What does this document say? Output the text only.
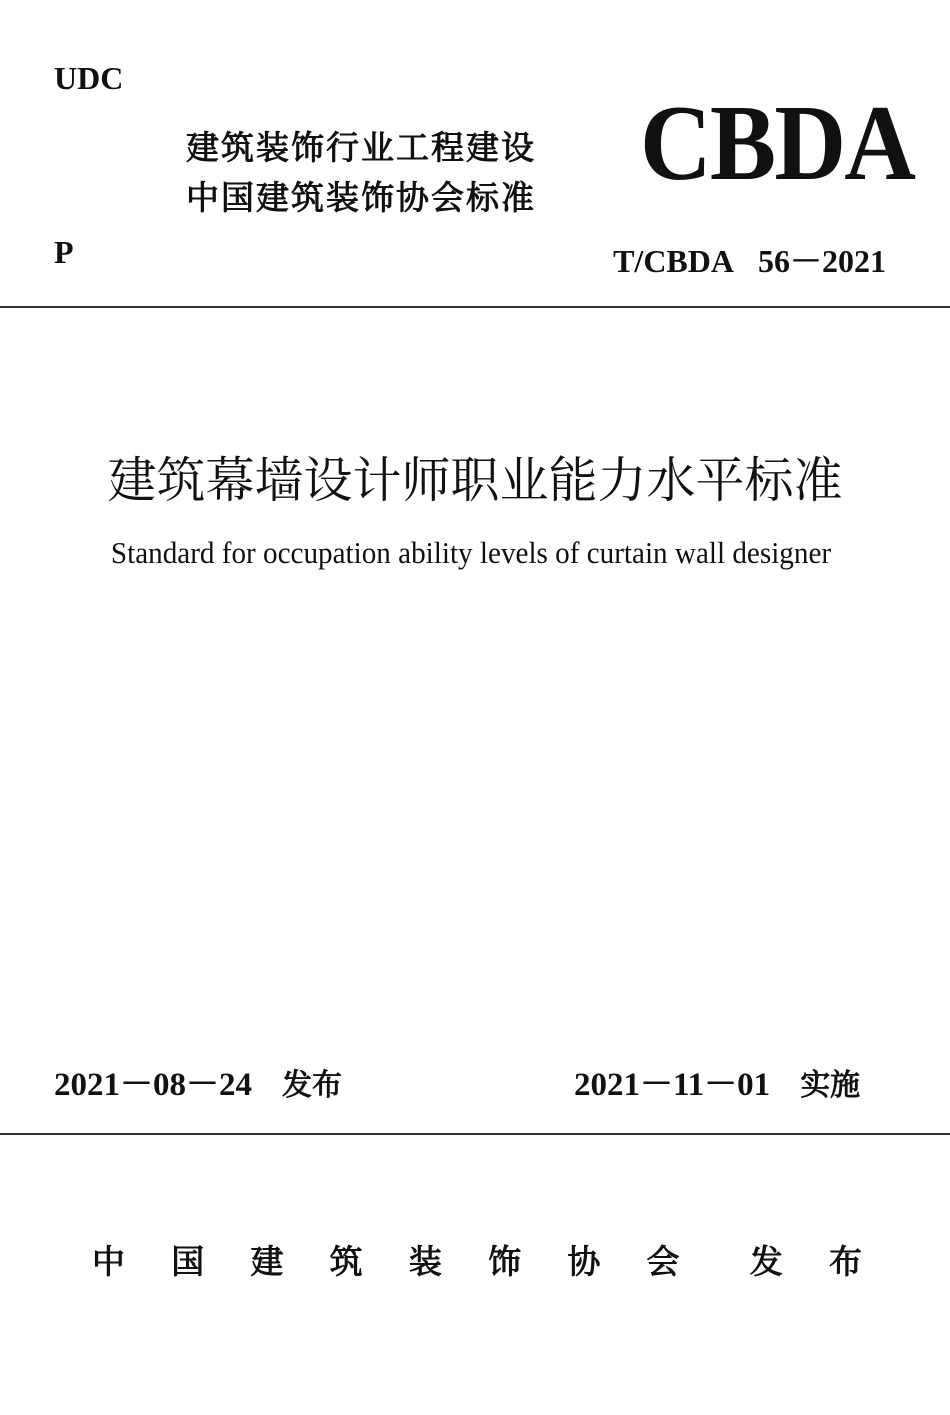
UDC
建筑装饰行业工程建设
中国建筑装饰协会标准 CBDA
P	T/CBDA 56－2021
建筑幕墙设计师职业能力水平标准
Standard for occupation ability levels of curtain wall designer
2021－08－24 发布	2021－11－01 实施
中 国 建 筑 装 饰 协 会 发 布
